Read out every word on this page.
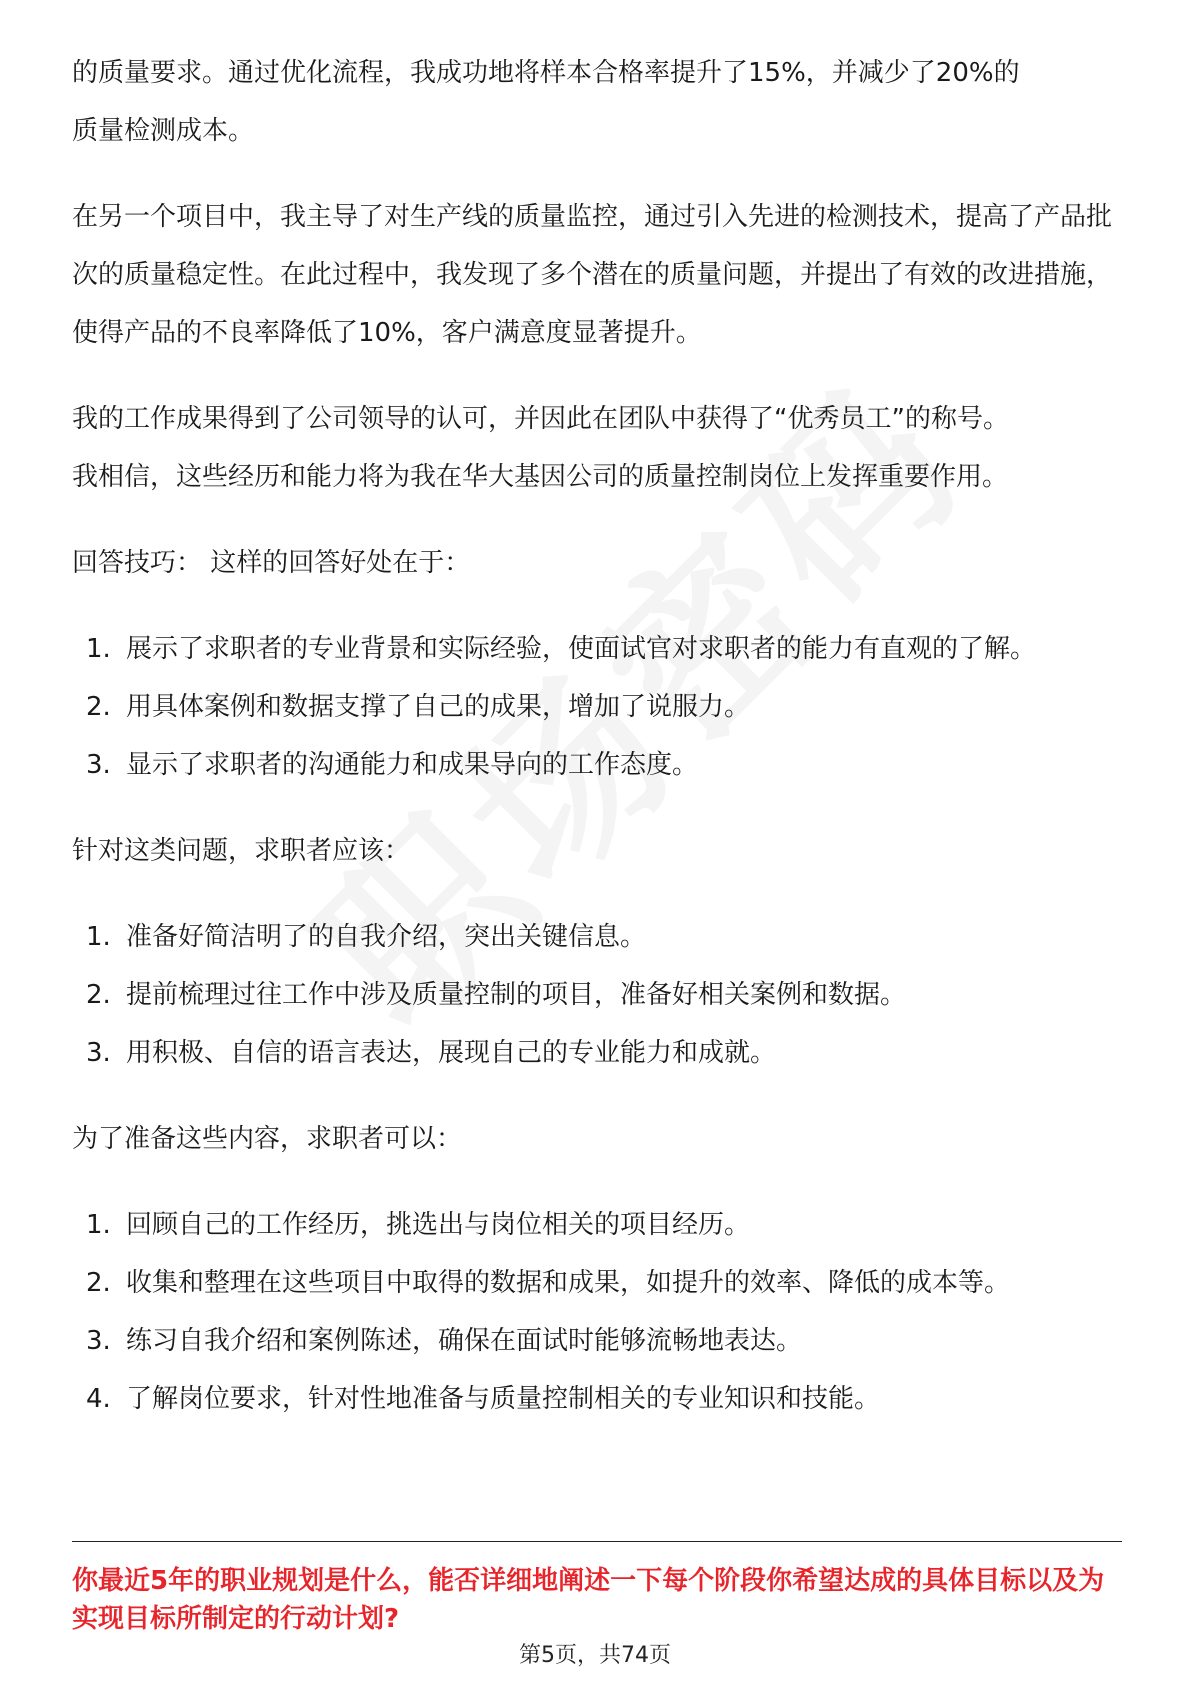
的质量要求。通过优化流程，我成功地将样本合格率提升了15%，并减少了20%的

质量检测成本。

在另一个项目中，我主导了对生产线的质量监控，通过引入先进的检测技术，提高了产品批次的质量稳定性。在此过程中，我发现了多个潜在的质量问题，并提出了有效的改进措施，使得产品的不良率降低了10%，客户满意度显著提升。

我的工作成果得到了公司领导的认可，并因此在团队中获得了“优秀员工”的称号。

我相信，这些经历和能力将为我在华大基因公司的质量控制岗位上发挥重要作用。

回答技巧： 这样的回答好处在于：

1. 展示了求职者的专业背景和实际经验，使面试官对求职者的能力有直观的了解。
2. 用具体案例和数据支撑了自己的成果，增加了说服力。
3. 显示了求职者的沟通能力和成果导向的工作态度。

针对这类问题，求职者应该：

1. 准备好简洁明了的自我介绍，突出关键信息。
2. 提前梳理过往工作中涉及质量控制的项目，准备好相关案例和数据。
3. 用积极、自信的语言表达，展现自己的专业能力和成就。

为了准备这些内容，求职者可以：

1. 回顾自己的工作经历，挑选出与岗位相关的项目经历。
2. 收集和整理在这些项目中取得的数据和成果，如提升的效率、降低的成本等。
3. 练习自我介绍和案例陈述，确保在面试时能够流畅地表达。
4. 了解岗位要求，针对性地准备与质量控制相关的专业知识和技能。
你最近5年的职业规划是什么，能否详细地阐述一下每个阶段你希望达成的具体目标以及为实现目标所制定的行动计划?
第5页，共74页
